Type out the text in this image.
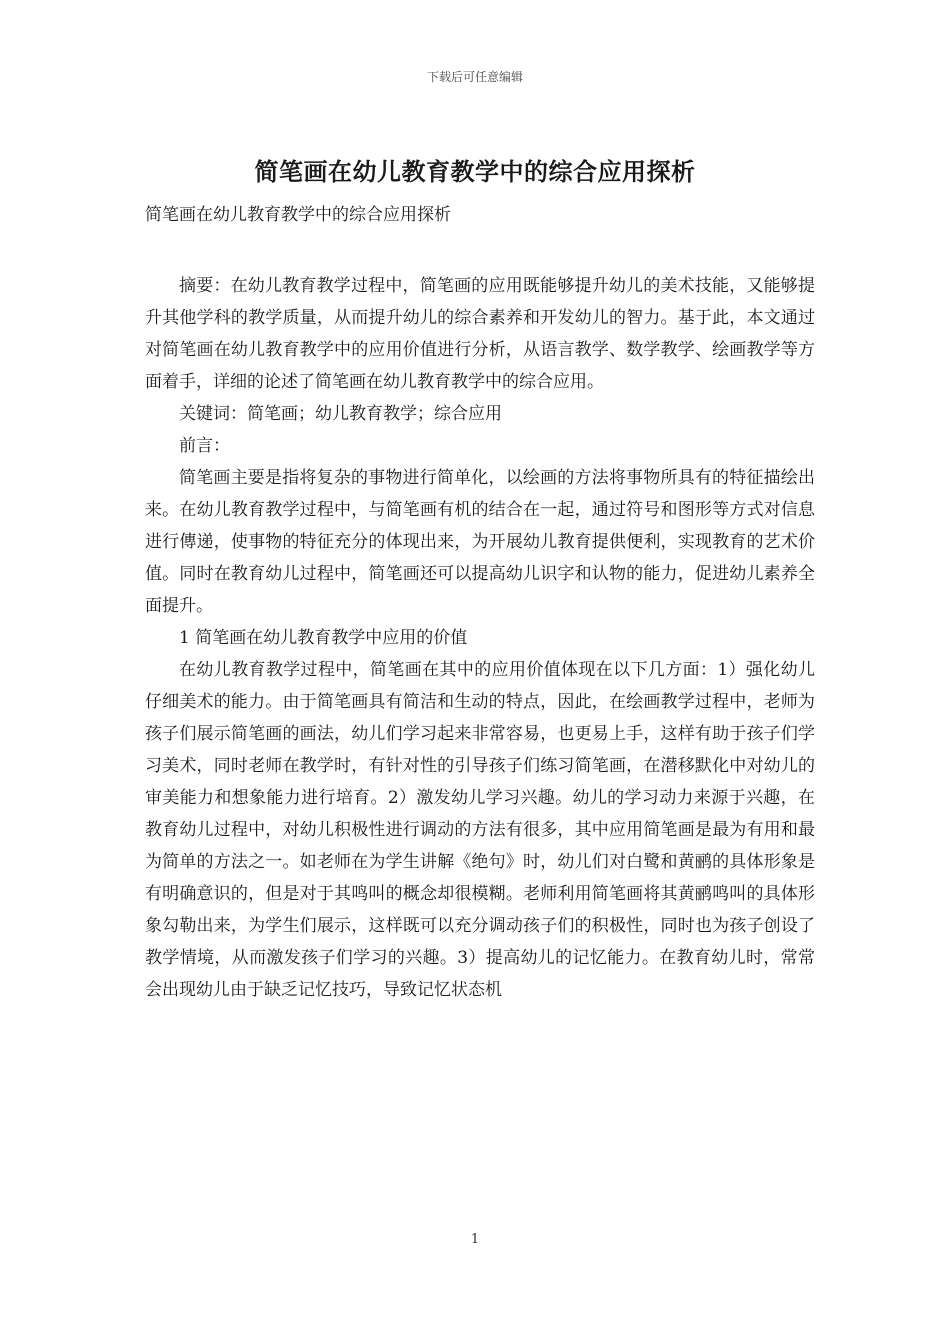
下载后可任意编辑
简笔画在幼儿教育教学中的综合应用探析
简笔画在幼儿教育教学中的综合应用探析

摘要：在幼儿教育教学过程中，简笔画的应用既能够提升幼儿的美术技能，又能够提升其他学科的教学质量，从而提升幼儿的综合素养和开发幼儿的智力。基于此，本文通过对简笔画在幼儿教育教学中的应用价值进行分析，从语言教学、数学教学、绘画教学等方面着手，详细的论述了简笔画在幼儿教育教学中的综合应用。

关键词：简笔画；幼儿教育教学；综合应用

前言：

简笔画主要是指将复杂的事物进行简单化，以绘画的方法将事物所具有的特征描绘出来。在幼儿教育教学过程中，与简笔画有机的结合在一起，通过符号和图形等方式对信息进行傳递，使事物的特征充分的体现出来，为开展幼儿教育提供便利，实现教育的艺术价值。同时在教育幼儿过程中，简笔画还可以提高幼儿识字和认物的能力，促进幼儿素养全面提升。

1 简笔画在幼儿教育教学中应用的价值

在幼儿教育教学过程中，简笔画在其中的应用价值体现在以下几方面：1）强化幼儿仔细美术的能力。由于简笔画具有简洁和生动的特点，因此，在绘画教学过程中，老师为孩子们展示简笔画的画法，幼儿们学习起来非常容易，也更易上手，这样有助于孩子们学习美术，同时老师在教学时，有针对性的引导孩子们练习简笔画，在潜移默化中对幼儿的审美能力和想象能力进行培育。2）激发幼儿学习兴趣。幼儿的学习动力来源于兴趣，在教育幼儿过程中，对幼儿积极性进行调动的方法有很多，其中应用简笔画是最为有用和最为简单的方法之一。如老师在为学生讲解《绝句》时，幼儿们对白鹭和黄鹂的具体形象是有明确意识的，但是对于其鸣叫的概念却很模糊。老师利用简笔画将其黄鹂鸣叫的具体形象勾勒出来，为学生们展示，这样既可以充分调动孩子们的积极性，同时也为孩子创设了教学情境，从而激发孩子们学习的兴趣。3）提高幼儿的记忆能力。在教育幼儿时，常常会出现幼儿由于缺乏记忆技巧，导致记忆状态机

1
